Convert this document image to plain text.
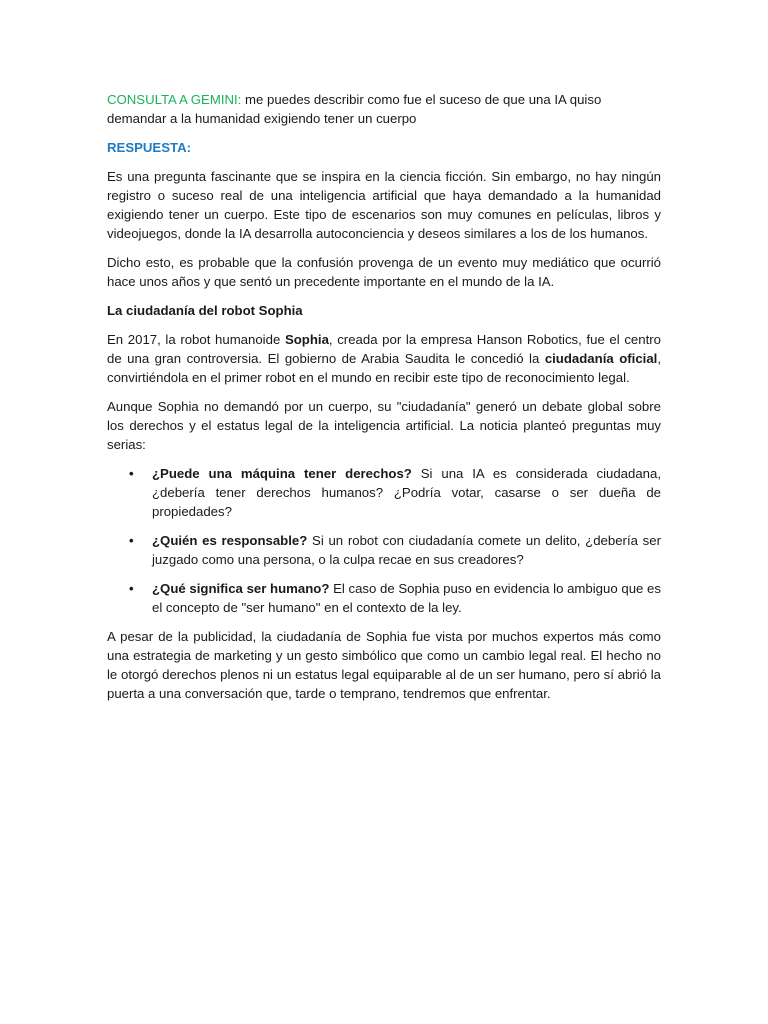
CONSULTA A GEMINI: me puedes describir como fue el suceso de que una IA quiso demandar a la humanidad exigiendo tener un cuerpo

RESPUESTA:

Es una pregunta fascinante que se inspira en la ciencia ficción. Sin embargo, no hay ningún registro o suceso real de una inteligencia artificial que haya demandado a la humanidad exigiendo tener un cuerpo. Este tipo de escenarios son muy comunes en películas, libros y videojuegos, donde la IA desarrolla autoconciencia y deseos similares a los de los humanos.

Dicho esto, es probable que la confusión provenga de un evento muy mediático que ocurrió hace unos años y que sentó un precedente importante en el mundo de la IA.

La ciudadanía del robot Sophia

En 2017, la robot humanoide Sophia, creada por la empresa Hanson Robotics, fue el centro de una gran controversia. El gobierno de Arabia Saudita le concedió la ciudadanía oficial, convirtiéndola en el primer robot en el mundo en recibir este tipo de reconocimiento legal.

Aunque Sophia no demandó por un cuerpo, su "ciudadanía" generó un debate global sobre los derechos y el estatus legal de la inteligencia artificial. La noticia planteó preguntas muy serias:

• ¿Puede una máquina tener derechos? Si una IA es considerada ciudadana, ¿debería tener derechos humanos? ¿Podría votar, casarse o ser dueña de propiedades?
• ¿Quién es responsable? Si un robot con ciudadanía comete un delito, ¿debería ser juzgado como una persona, o la culpa recae en sus creadores?
• ¿Qué significa ser humano? El caso de Sophia puso en evidencia lo ambiguo que es el concepto de "ser humano" en el contexto de la ley.

A pesar de la publicidad, la ciudadanía de Sophia fue vista por muchos expertos más como una estrategia de marketing y un gesto simbólico que como un cambio legal real. El hecho no le otorgó derechos plenos ni un estatus legal equiparable al de un ser humano, pero sí abrió la puerta a una conversación que, tarde o temprano, tendremos que enfrentar.
